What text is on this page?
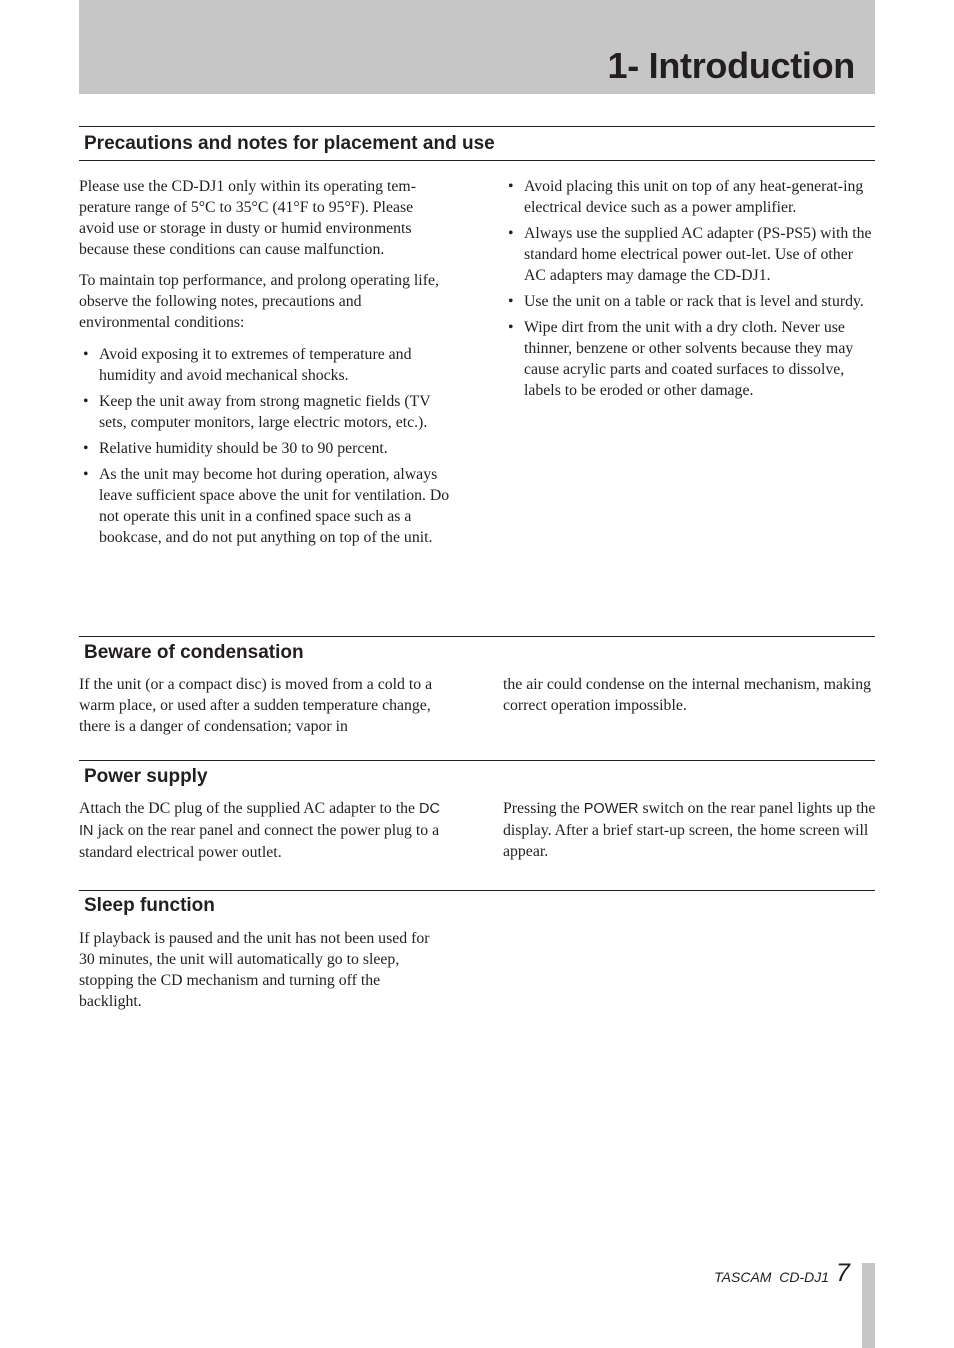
1- Introduction
Precautions and notes for placement and use

Please use the CD-DJ1 only within its operating tem-perature range of 5°C to 35°C (41°F to 95°F). Please avoid use or storage in dusty or humid environments because these conditions can cause malfunction.

To maintain top performance, and prolong operating life, observe the following notes, precautions and environmental conditions:

• Avoid exposing it to extremes of temperature and humidity and avoid mechanical shocks.
• Keep the unit away from strong magnetic fields (TV sets, computer monitors, large electric motors, etc.).
• Relative humidity should be 30 to 90 percent.
• As the unit may become hot during operation, always leave sufficient space above the unit for ventilation. Do not operate this unit in a confined space such as a bookcase, and do not put anything on top of the unit.
• Avoid placing this unit on top of any heat-generat-ing electrical device such as a power amplifier.
• Always use the supplied AC adapter (PS-PS5) with the standard home electrical power out-let. Use of other AC adapters may damage the CD-DJ1.
• Use the unit on a table or rack that is level and sturdy.
• Wipe dirt from the unit with a dry cloth. Never use thinner, benzene or other solvents because they may cause acrylic parts and coated surfaces to dissolve, labels to be eroded or other damage.
Beware of condensation

If the unit (or a compact disc) is moved from a cold to a warm place, or used after a sudden temperature change, there is a danger of condensation; vapor in

the air could condense on the internal mechanism, making correct operation impossible.

Power supply

Attach the DC plug of the supplied AC adapter to the DC IN jack on the rear panel and connect the power plug to a standard electrical power outlet.

Pressing the POWER switch on the rear panel lights up the display. After a brief start-up screen, the home screen will appear.

Sleep function

If playback is paused and the unit has not been used for 30 minutes, the unit will automatically go to sleep, stopping the CD mechanism and turning off the backlight.

TASCAM  CD-DJ1 7
